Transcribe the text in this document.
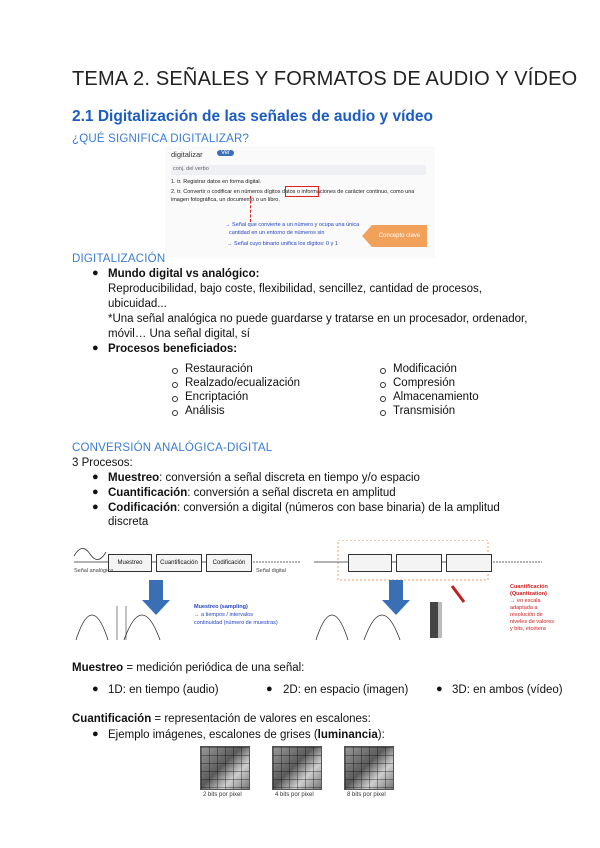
TEMA 2. SEÑALES Y FORMATOS DE AUDIO Y VÍDEO
2.1 Digitalización de las señales de audio y vídeo
¿QUÉ SIGNIFICA DIGITALIZAR?
digitalizar	Ver
conj. del verbo
1. tr. Registrar datos en forma digital.
2. tr. Convertir o codificar en números dígitos datos o informaciones de carácter continuo, como una
imagen fotográfica, un documento o un libro.
→ Señal que convierte a un número y ocupa una única
cantidad en un entorno de números sin
→ Señal cuyo binario unifica los dígitos: 0 y 1
Concepto clave
DIGITALIZACIÓN
● Mundo digital vs analógico:
Reproducibilidad, bajo coste, flexibilidad, sencillez, cantidad de procesos,
ubicuidad...
*Una señal analógica no puede guardarse y tratarse en un procesador, ordenador,
móvil… Una señal digital, sí
● Procesos beneficiados:
Restauración
Realzado/ecualización
Encriptación
Análisis
Modificación
Compresión
Almacenamiento
Transmisión
CONVERSIÓN ANALÓGICA-DIGITAL
3 Procesos:
● Muestreo: conversión a señal discreta en tiempo y/o espacio
● Cuantificación: conversión a señal discreta en amplitud
● Codificación: conversión a digital (números con base binaria) de la amplitud
discreta
Muestreo	Cuantificación	Codificación
Señal analógica	Señal digital
Muestreo (sampling)
→ a tiempos / intervalos
continuidad (número de muestras)
Cuantificación
(Quantization)
→ en escala
adaptada a
resolución de
niveles de valores
y bits, etcétera
Muestreo = medición periódica de una señal:
● 1D: en tiempo (audio)	● 2D: en espacio (imagen)	● 3D: en ambos (vídeo)
Cuantificación = representación de valores en escalones:
● Ejemplo imágenes, escalones de grises (luminancia):
2 bits por pixel	4 bits por pixel	8 bits por pixel
